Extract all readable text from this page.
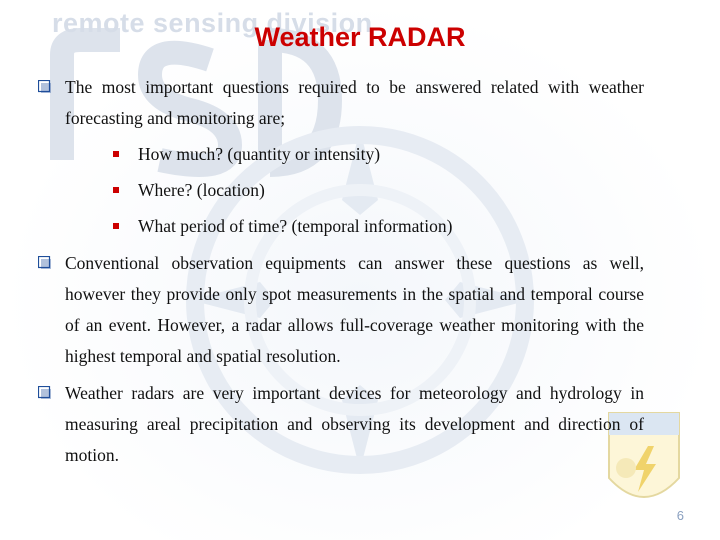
remote sensing division
Weather RADAR
The most important questions required to be answered related with weather forecasting and monitoring are;
How much? (quantity or intensity)
Where? (location)
What period of time? (temporal information)
Conventional observation equipments can answer these questions as well, however they provide only spot measurements in the spatial and temporal course of an event. However, a radar allows full-coverage weather monitoring with the highest temporal and spatial resolution.
Weather radars are very important devices for meteorology and hydrology in measuring areal precipitation and observing its development and direction of motion.
6
